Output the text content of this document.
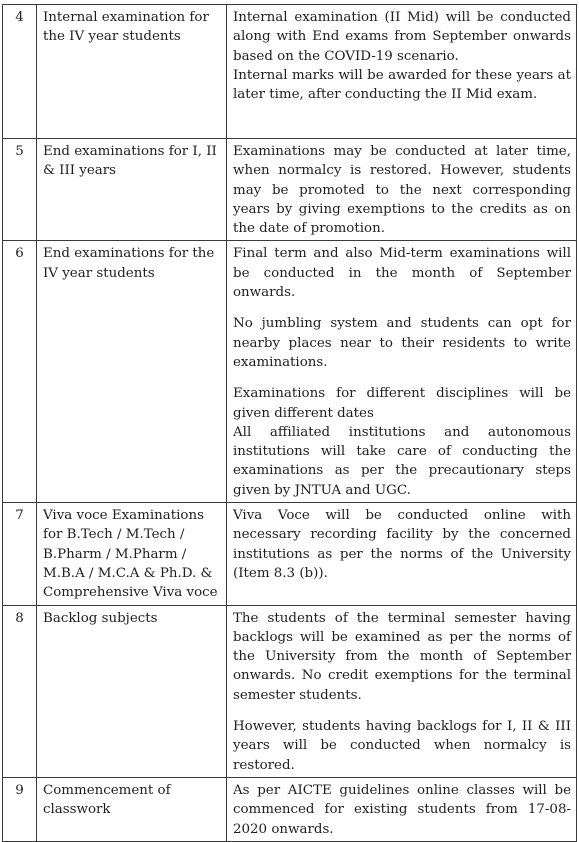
4	Internal examination for the IV year students	Internal examination (II Mid) will be conducted along with End exams from September onwards based on the COVID-19 scenario.

Internal marks will be awarded for these years at later time, after conducting the II Mid exam.

5	End examinations for I, II & III years	Examinations may be conducted at later time, when normalcy is restored. However, students may be promoted to the next corresponding years by giving exemptions to the credits as on the date of promotion.

6	End examinations for the IV year students	Final term and also Mid-term examinations will be conducted in the month of September onwards.

No jumbling system and students can opt for nearby places near to their residents to write examinations.

Examinations for different disciplines will be given different dates

All affiliated institutions and autonomous institutions will take care of conducting the examinations as per the precautionary steps given by JNTUA and UGC.

7	Viva voce Examinations for B.Tech / M.Tech / B.Pharm / M.Pharm / M.B.A / M.C.A & Ph.D. & Comprehensive Viva voce	Viva Voce will be conducted online with necessary recording facility by the concerned institutions as per the norms of the University (Item 8.3 (b)).

8	Backlog subjects	The students of the terminal semester having backlogs will be examined as per the norms of the University from the month of September onwards. No credit exemptions for the terminal semester students.

However, students having backlogs for I, II & III years will be conducted when normalcy is restored.

9	Commencement of classwork	As per AICTE guidelines online classes will be commenced for existing students from 17-08-2020 onwards.
